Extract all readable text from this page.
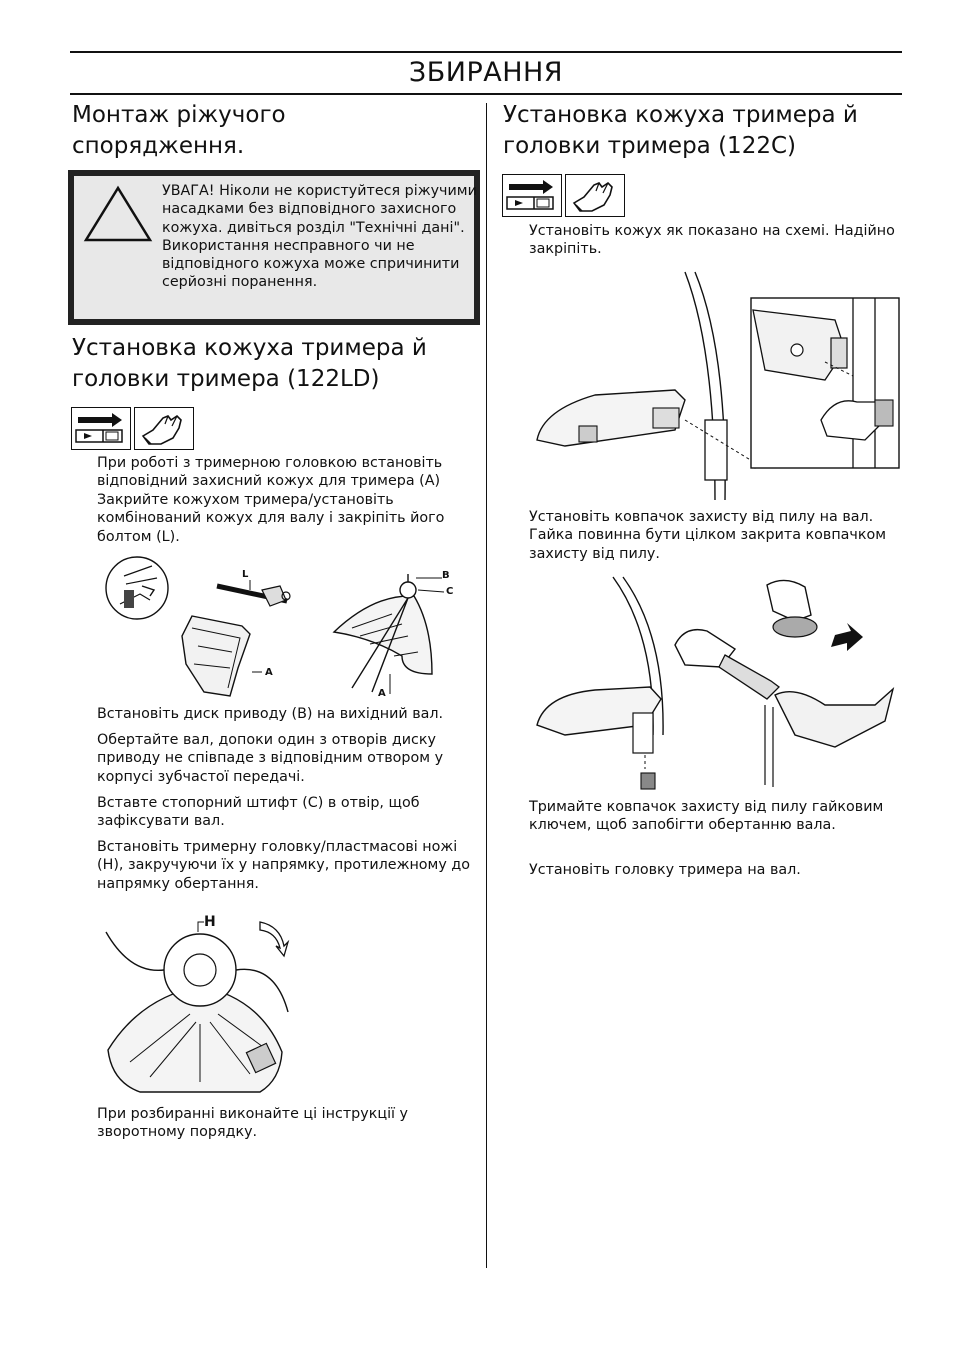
ЗБИРАННЯ
Монтаж ріжучого спорядження.
УВАГА! Ніколи не користуйтеся ріжучими насадками без відповідного захисного кожуха. дивіться розділ "Технічні дані". Використання несправного чи не відповідного кожуха може спричинити серйозні поранення.
Установка кожуха тримера й головки тримера (122LD)

При роботі з тримерною головкою встановіть відповідний захисний кожух для тримера (A) Закрийте кожухом тримера/установіть комбінований кожух для валу і закріпіть його болтом (L).

L
A
B
C
A

Встановіть диск приводу (B) на вихідний вал.

Обертайте вал, допоки один з отворів диску приводу не співпаде з відповідним отвором у корпусі зубчастої передачі.

Вставте стопорний штифт (C) в отвір, щоб зафіксувати вал.

Встановіть тримерну головку/пластмасові ножі (H), закручуючи їх у напрямку, протилежному до напрямку обертання.

H

При розбиранні виконайте ці інструкції у зворотному порядку.

Установка кожуха тримера й головки тримера (122C)

Установіть кожух як показано на схемі. Надійно закріпіть.

Установіть ковпачок захисту від пилу на вал. Гайка повинна бути цілком закрита ковпачком захисту від пилу.

Тримайте ковпачок захисту від пилу гайковим ключем, щоб запобігти обертанню вала.

Установіть головку тримера на вал.
